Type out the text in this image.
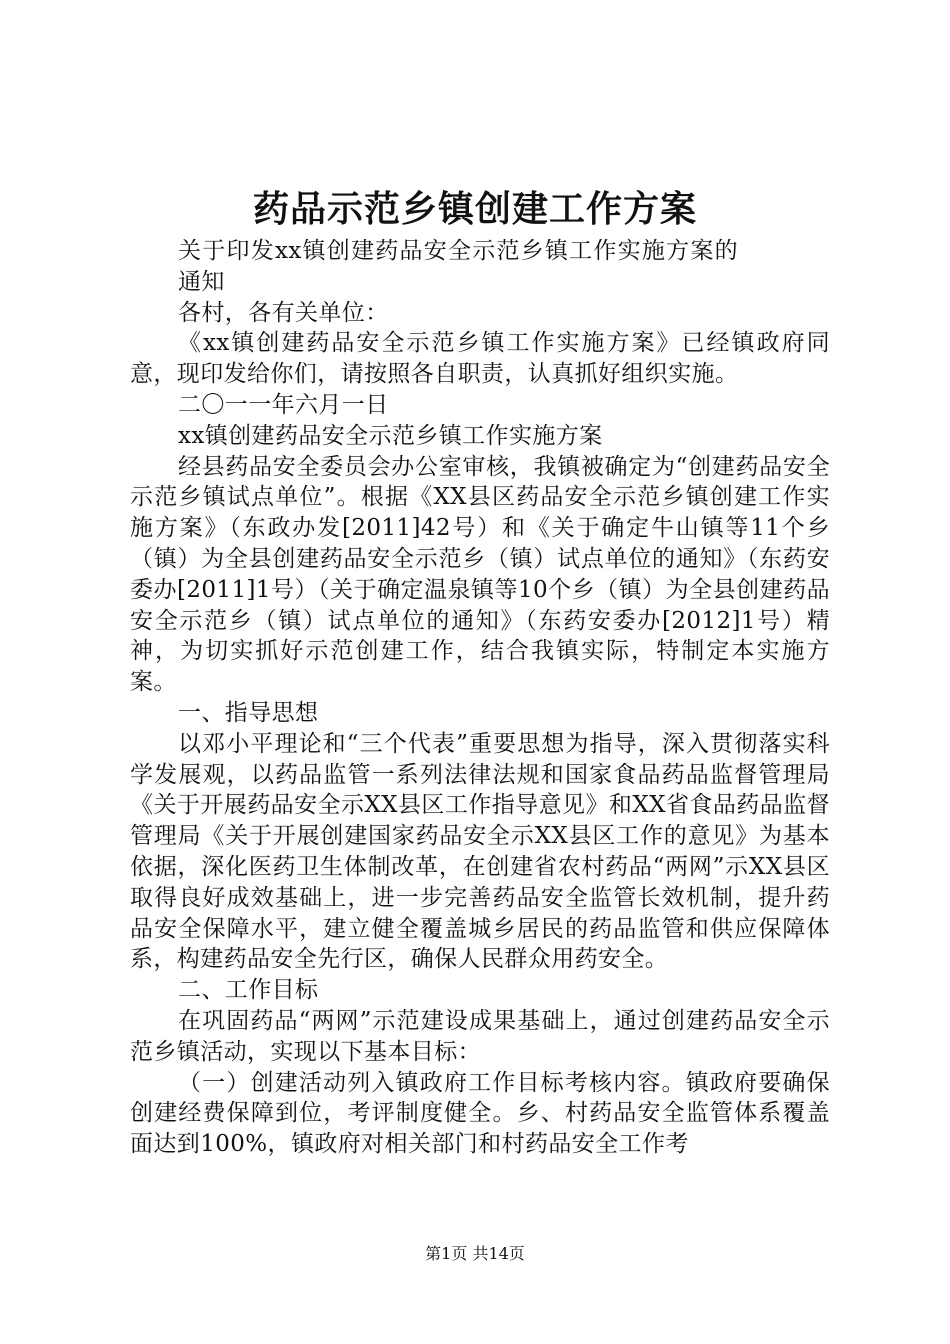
药品示范乡镇创建工作方案

关于印发xx镇创建药品安全示范乡镇工作实施方案的通知

各村，各有关单位：

《xx镇创建药品安全示范乡镇工作实施方案》已经镇政府同意，现印发给你们，请按照各自职责，认真抓好组织实施。

二〇一一年六月一日

xx镇创建药品安全示范乡镇工作实施方案

经县药品安全委员会办公室审核，我镇被确定为“创建药品安全示范乡镇试点单位”。根据《XX县区药品安全示范乡镇创建工作实施方案》（东政办发[2011]42号）和《关于确定牛山镇等11个乡（镇）为全县创建药品安全示范乡（镇）试点单位的通知》（东药安委办[2011]1号）（关于确定温泉镇等10个乡（镇）为全县创建药品安全示范乡（镇）试点单位的通知》（东药安委办[2012]1号）精神，为切实抓好示范创建工作，结合我镇实际，特制定本实施方案。

一、指导思想

以邓小平理论和“三个代表”重要思想为指导，深入贯彻落实科学发展观，以药品监管一系列法律法规和国家食品药品监督管理局《关于开展药品安全示XX县区工作指导意见》和XX省食品药品监督管理局《关于开展创建国家药品安全示XX县区工作的意见》为基本依据，深化医药卫生体制改革，在创建省农村药品“两网”示XX县区取得良好成效基础上，进一步完善药品安全监管长效机制，提升药品安全保障水平，建立健全覆盖城乡居民的药品监管和供应保障体系，构建药品安全先行区，确保人民群众用药安全。

二、工作目标

在巩固药品“两网”示范建设成果基础上，通过创建药品安全示范乡镇活动，实现以下基本目标：

（一）创建活动列入镇政府工作目标考核内容。镇政府要确保创建经费保障到位，考评制度健全。乡、村药品安全监管体系覆盖面达到100%，镇政府对相关部门和村药品安全工作考

第1页 共14页
